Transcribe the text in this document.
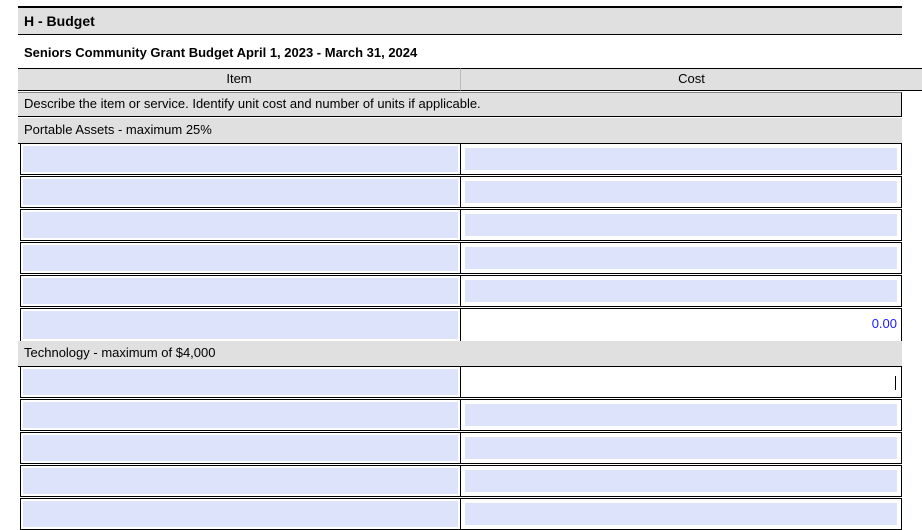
H - Budget
Seniors Community Grant Budget April 1, 2023 - March 31, 2024
Item	Cost
Describe the item or service. Identify unit cost and number of units if applicable.
Portable Assets - maximum 25%
0.00
Technology - maximum of $4,000
